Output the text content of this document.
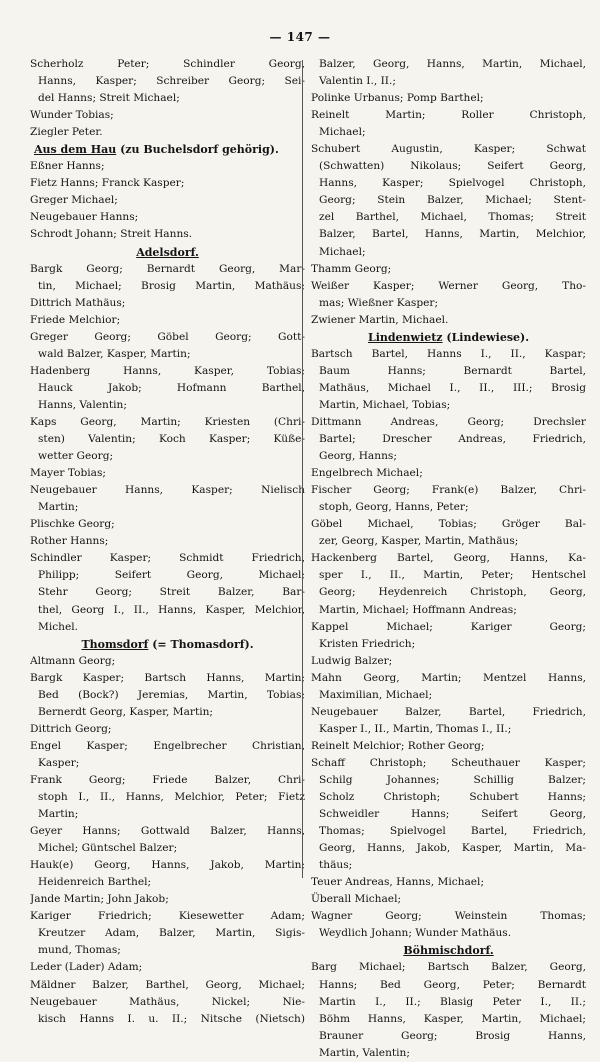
— 147 —
Scherholz Peter; Schindler Georg,
Hanns, Kasper; Schreiber Georg; Sei-
del Hanns; Streit Michael;
Wunder Tobias;
Ziegler Peter.
Aus dem Hau (zu Buchelsdorf gehörig).
Eßner Hanns;
Fietz Hanns; Franck Kasper;
Greger Michael;
Neugebauer Hanns;
Schrodt Johann; Streit Hanns.
Adelsdorf.
Bargk Georg; Bernardt Georg, Mar-
tin, Michael; Brosig Martin, Mathäus;
Dittrich Mathäus;
Friede Melchior;
Greger Georg; Göbel Georg; Gott-
wald Balzer, Kasper, Martin;
Hadenberg Hanns, Kasper, Tobias;
Hauck Jakob; Hofmann Barthel,
Hanns, Valentin;
Kaps Georg, Martin; Kriesten (Chri-
sten) Valentin; Koch Kasper; Küße-
wetter Georg;
Mayer Tobias;
Neugebauer Hanns, Kasper; Nielisch
Martin;
Plischke Georg;
Rother Hanns;
Schindler Kasper; Schmidt Friedrich,
Philipp; Seifert Georg, Michael;
Stehr Georg; Streit Balzer, Bar-
thel, Georg I., II., Hanns, Kasper, Melchior,
Michel.
Thomsdorf (= Thomasdorf).
Altmann Georg;
Bargk Kasper; Bartsch Hanns, Martin;
Bed (Bock?) Jeremias, Martin, Tobias;
Bernerdt Georg, Kasper, Martin;
Dittrich Georg;
Engel Kasper; Engelbrecher Christian,
Kasper;
Frank Georg; Friede Balzer, Chri-
stoph I., II., Hanns, Melchior, Peter; Fietz
Martin;
Geyer Hanns; Gottwald Balzer, Hanns,
Michel; Güntschel Balzer;
Hauk(e) Georg, Hanns, Jakob, Martin;
Heidenreich Barthel;
Jande Martin; John Jakob;
Kariger Friedrich; Kiesewetter Adam;
Kreutzer Adam, Balzer, Martin, Sigis-
mund, Thomas;
Leder (Lader) Adam;
Mäldner Balzer, Barthel, Georg, Michael;
Neugebauer Mathäus, Nickel; Nie-
kisch Hanns I. u. II.; Nitsche (Nietsch)
Balzer, Georg, Hanns, Martin, Michael,
Valentin I., II.;
Polinke Urbanus; Pomp Barthel;
Reinelt Martin; Roller Christoph,
Michael;
Schubert Augustin, Kasper; Schwat
(Schwatten) Nikolaus; Seifert Georg,
Hanns, Kasper; Spielvogel Christoph,
Georg; Stein Balzer, Michael; Stent-
zel Barthel, Michael, Thomas; Streit
Balzer, Bartel, Hanns, Martin, Melchior,
Michael;
Thamm Georg;
Weißer Kasper; Werner Georg, Tho-
mas; Wießner Kasper;
Zwiener Martin, Michael.
Lindenwietz (Lindewiese).
Bartsch Bartel, Hanns I., II., Kaspar;
Baum Hanns; Bernardt Bartel,
Mathäus, Michael I., II., III.; Brosig
Martin, Michael, Tobias;
Dittmann Andreas, Georg; Drechsler
Bartel; Drescher Andreas, Friedrich,
Georg, Hanns;
Engelbrech Michael;
Fischer Georg; Frank(e) Balzer, Chri-
stoph, Georg, Hanns, Peter;
Göbel Michael, Tobias; Gröger Bal-
zer, Georg, Kasper, Martin, Mathäus;
Hackenberg Bartel, Georg, Hanns, Ka-
sper I., II., Martin, Peter; Hentschel
Georg; Heydenreich Christoph, Georg,
Martin, Michael; Hoffmann Andreas;
Kappel Michael; Kariger Georg;
Kristen Friedrich;
Ludwig Balzer;
Mahn Georg, Martin; Mentzel Hanns,
Maximilian, Michael;
Neugebauer Balzer, Bartel, Friedrich,
Kasper I., II., Martin, Thomas I., II.;
Reinelt Melchior; Rother Georg;
Schaff Christoph; Scheuthauer Kasper;
Schilg Johannes; Schillig Balzer;
Scholz Christoph; Schubert Hanns;
Schweidler Hanns; Seifert Georg,
Thomas; Spielvogel Bartel, Friedrich,
Georg, Hanns, Jakob, Kasper, Martin, Ma-
thäus;
Teuer Andreas, Hanns, Michael;
Überall Michael;
Wagner Georg; Weinstein Thomas;
Weydlich Johann; Wunder Mathäus.
Böhmischdorf.
Barg Michael; Bartsch Balzer, Georg,
Hanns; Bed Georg, Peter; Bernardt
Martin I., II.; Blasig Peter I., II.;
Böhm Hanns, Kasper, Martin, Michael;
Brauner Georg; Brosig Hanns,
Martin, Valentin;
